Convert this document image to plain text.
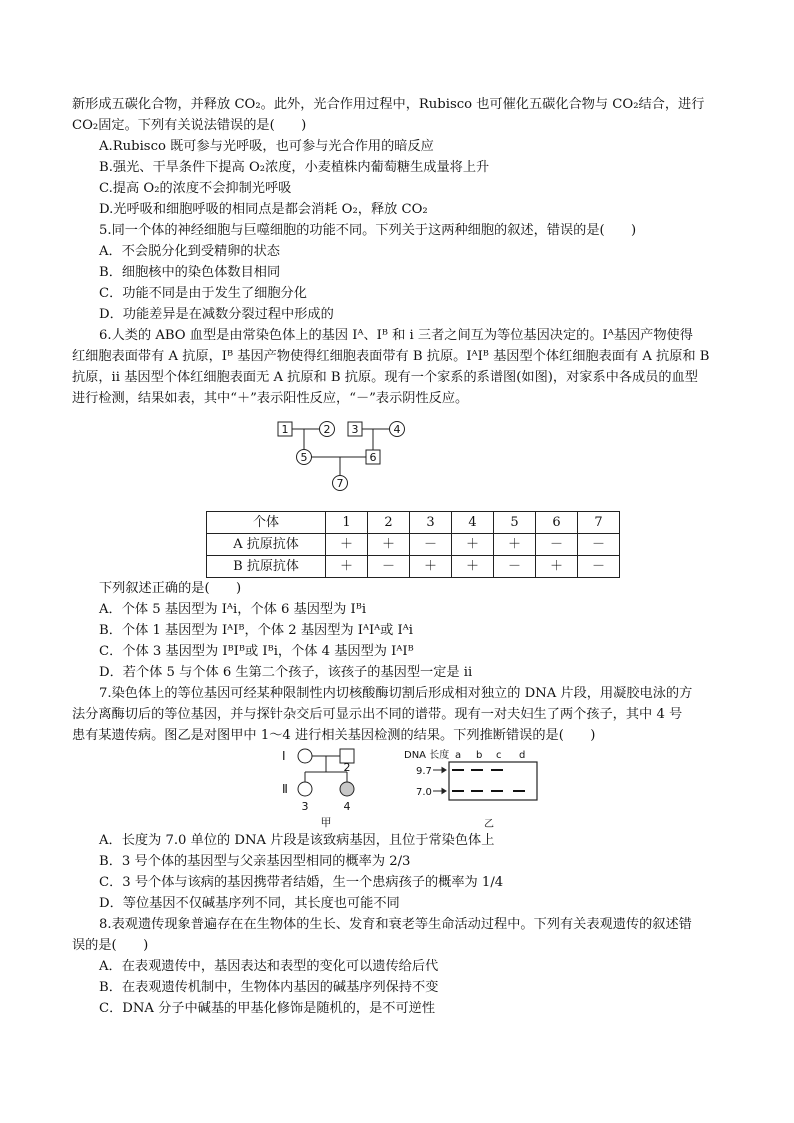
新形成五碳化合物，并释放 CO₂。此外，光合作用过程中，Rubisco 也可催化五碳化合物与 CO₂结合，进行

CO₂固定。下列有关说法错误的是(　　)

A.Rubisco 既可参与光呼吸，也可参与光合作用的暗反应

B.强光、干旱条件下提高 O₂浓度，小麦植株内葡萄糖生成量将上升

C.提高 O₂的浓度不会抑制光呼吸

D.光呼吸和细胞呼吸的相同点是都会消耗 O₂，释放 CO₂

5.同一个体的神经细胞与巨噬细胞的功能不同。下列关于这两种细胞的叙述，错误的是(　　)

A．不会脱分化到受精卵的状态

B．细胞核中的染色体数目相同

C．功能不同是由于发生了细胞分化

D．功能差异是在减数分裂过程中形成的

6.人类的 ABO 血型是由常染色体上的基因 Iᴬ、Iᴮ 和 i 三者之间互为等位基因决定的。Iᴬ基因产物使得

红细胞表面带有 A 抗原，Iᴮ 基因产物使得红细胞表面带有 B 抗原。IᴬIᴮ 基因型个体红细胞表面有 A 抗原和 B

抗原，ii 基因型个体红细胞表面无 A 抗原和 B 抗原。现有一个家系的系谱图(如图)，对家系中各成员的血型

进行检测，结果如表，其中“＋”表示阳性反应，“－”表示阴性反应。

1	2 3	4
5	6
7
个体	1	2	3	4	5	6	7
A 抗原抗体	＋	＋	－	＋	＋	－	－
B 抗原抗体	＋	－	＋	＋	－	＋	－

下列叙述正确的是(　　)

A．个体 5 基因型为 Iᴬi，个体 6 基因型为 Iᴮi

B．个体 1 基因型为 IᴬIᴮ，个体 2 基因型为 IᴬIᴬ或 Iᴬi

C．个体 3 基因型为 IᴮIᴮ或 Iᴮi，个体 4 基因型为 IᴬIᴮ

D．若个体 5 与个体 6 生第二个孩子，该孩子的基因型一定是 ii

7.染色体上的等位基因可经某种限制性内切核酸酶切割后形成相对独立的 DNA 片段，用凝胶电泳的方

法分离酶切后的等位基因，并与探针杂交后可显示出不同的谱带。现有一对夫妇生了两个孩子，其中 4 号

患有某遗传病。图乙是对图甲中 1～4 进行相关基因检测的结果。下列推断错误的是(　　)

Ⅰ
Ⅱ
2
3	4
甲
DNA 长度 a b c d
9.7
7.0
乙

A．长度为 7.0 单位的 DNA 片段是该致病基因，且位于常染色体上

B．3 号个体的基因型与父亲基因型相同的概率为 2/3

C．3 号个体与该病的基因携带者结婚，生一个患病孩子的概率为 1/4

D．等位基因不仅碱基序列不同，其长度也可能不同

8.表观遗传现象普遍存在在生物体的生长、发育和衰老等生命活动过程中。下列有关表观遗传的叙述错

误的是(　　)

A．在表观遗传中，基因表达和表型的变化可以遗传给后代

B．在表观遗传机制中，生物体内基因的碱基序列保持不变

C．DNA 分子中碱基的甲基化修饰是随机的，是不可逆性
